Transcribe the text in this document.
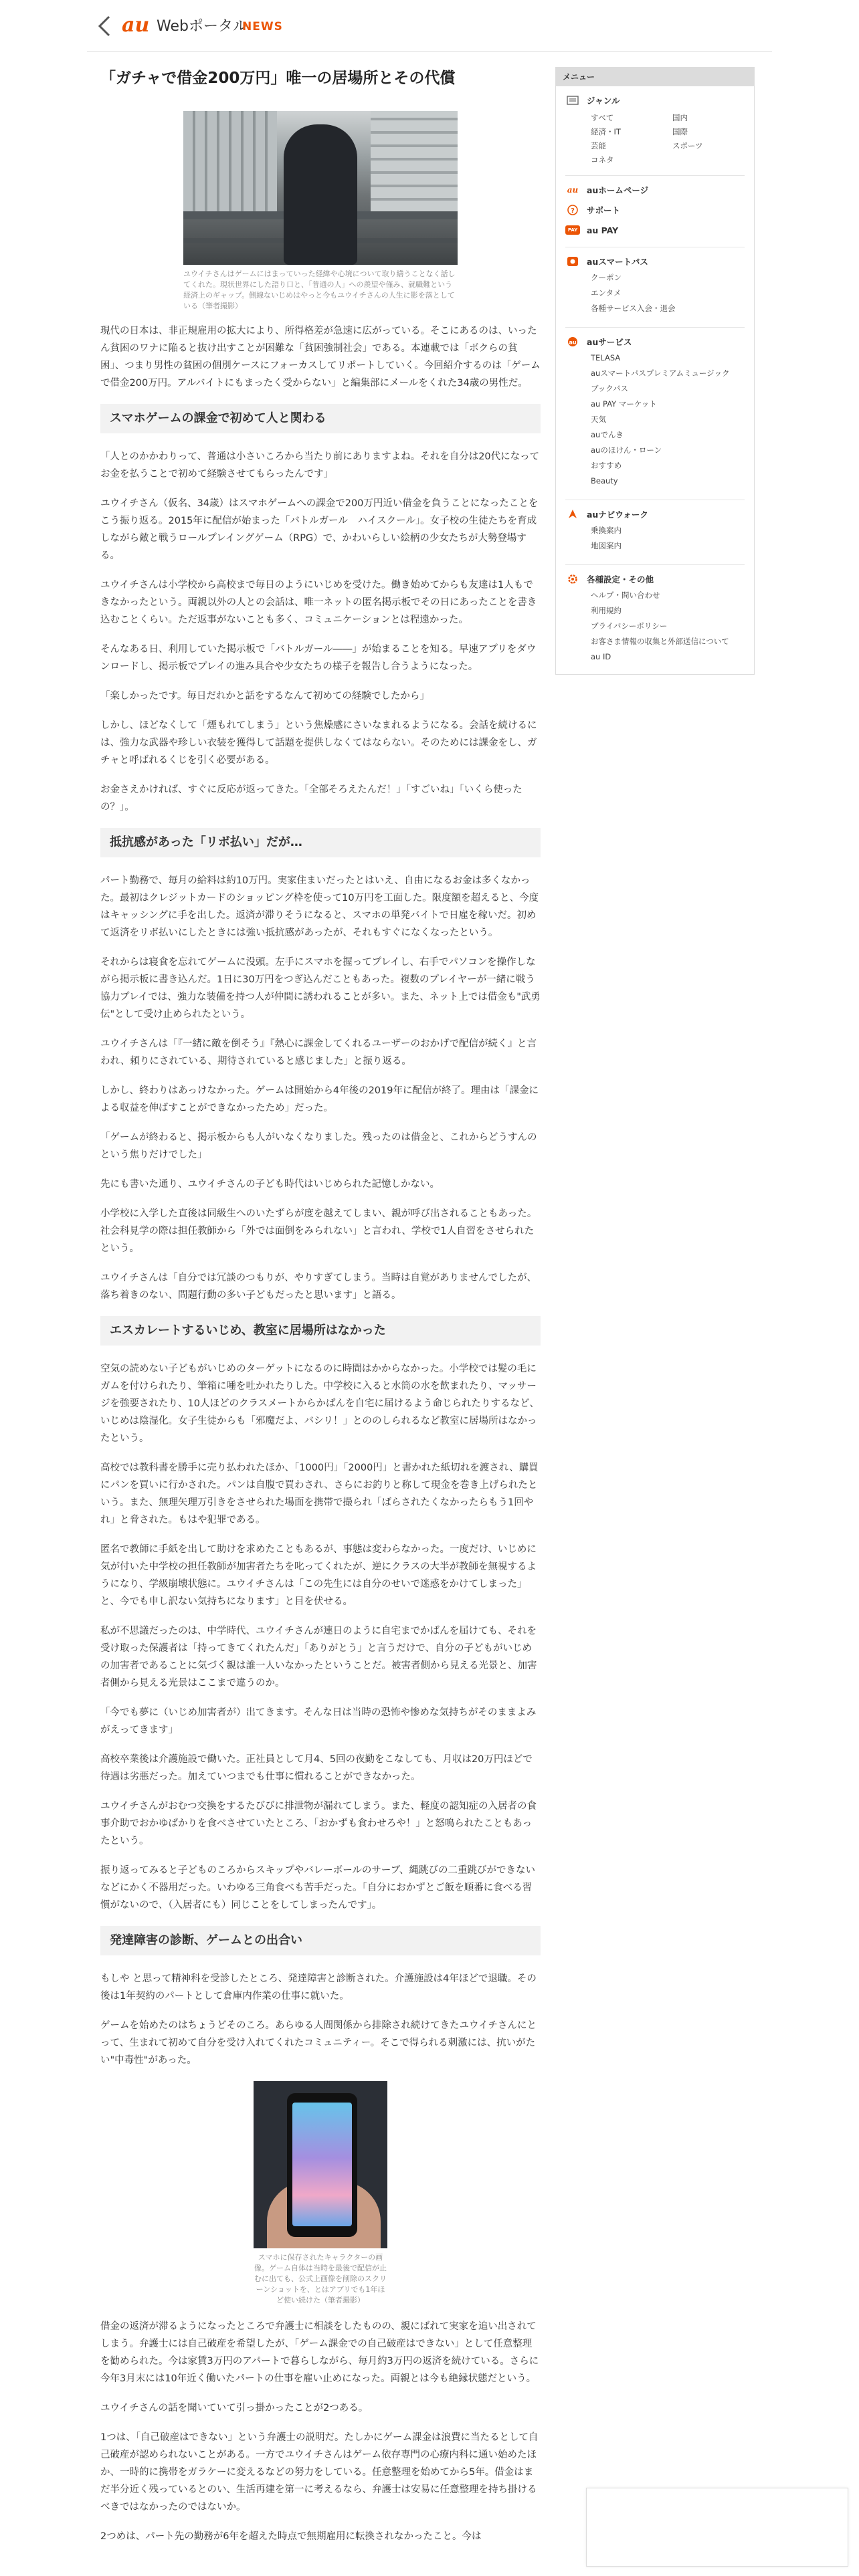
au Webポータル
NEWS
「ガチャで借金200万円」唯一の居場所とその代償
ユウイチさんはゲームにはまっていった経緯や心境について取り繕うことなく話してくれた。現状世界にした語り口と、「普通の人」への羨望や僅み、就職難という経済上のギャップ。側線ないじめはやっと今もユウイチさんの人生に影を落としている（筆者撮影）

現代の日本は、非正規雇用の拡大により、所得格差が急速に広がっている。そこにあるのは、いったん貧困のワナに陥ると抜け出すことが困難な「貧困強制社会」である。本連載では「ボクらの貧困」、つまり男性の貧困の個別ケースにフォーカスしてリポートしていく。今回紹介するのは「ゲームで借金200万円。アルバイトにもまったく受からない」と編集部にメールをくれた34歳の男性だ。

スマホゲームの課金で初めて人と関わる

「人とのかかわりって、普通は小さいころから当たり前にありますよね。それを自分は20代になってお金を払うことで初めて経験させてもらったんです」

ユウイチさん（仮名、34歳）はスマホゲームへの課金で200万円近い借金を負うことになったことをこう振り返る。2015年に配信が始まった「バトルガール　ハイスクール」。女子校の生徒たちを育成しながら敵と戦うロールプレイングゲーム（RPG）で、かわいらしい絵柄の少女たちが大勢登場する。

ユウイチさんは小学校から高校まで毎日のようにいじめを受けた。働き始めてからも友達は1人もできなかったという。両親以外の人との会話は、唯一ネットの匿名掲示板でその日にあったことを書き込むことくらい。ただ返事がないことも多く、コミュニケーションとは程遠かった。

そんなある日、利用していた掲示板で「バトルガール――」が始まることを知る。早速アプリをダウンロードし、掲示板でプレイの進み具合や少女たちの様子を報告し合うようになった。

「楽しかったです。毎日だれかと話をするなんて初めての経験でしたから」

しかし、ほどなくして「煙もれてしまう」という焦燥感にさいなまれるようになる。会話を続けるには、強力な武器や珍しい衣装を獲得して話題を提供しなくてはならない。そのためには課金をし、ガチャと呼ばれるくじを引く必要がある。

お金さえかければ、すぐに反応が返ってきた。「全部そろえたんだ！」「すごいね」「いくら使ったの？」。

抵抗感があった「リボ払い」だが…

パート勤務で、毎月の給料は約10万円。実家住まいだったとはいえ、自由になるお金は多くなかった。最初はクレジットカードのショッピング枠を使って10万円を工面した。限度額を超えると、今度はキャッシングに手を出した。返済が滞りそうになると、スマホの単発バイトで日雇を稼いだ。初めて返済をリボ払いにしたときには強い抵抗感があったが、それもすぐになくなったという。

それからは寝食を忘れてゲームに没頭。左手にスマホを握ってプレイし、右手でパソコンを操作しながら掲示板に書き込んだ。1日に30万円をつぎ込んだこともあった。複数のプレイヤーが一緒に戦う協力プレイでは、強力な装備を持つ人が仲間に誘われることが多い。また、ネット上では借金も"武勇伝"として受け止められたという。

ユウイチさんは「『一緒に敵を倒そう』『熱心に課金してくれるユーザーのおかげで配信が続く』と言われ、頼りにされている、期待されていると感じました」と振り返る。

しかし、終わりはあっけなかった。ゲームは開始から4年後の2019年に配信が終了。理由は「課金による収益を伸ばすことができなかったため」だった。

「ゲームが終わると、掲示板からも人がいなくなりました。残ったのは借金と、これからどうすんのという焦りだけでした」

先にも書いた通り、ユウイチさんの子ども時代はいじめられた記憶しかない。

小学校に入学した直後は同級生へのいたずらが度を越えてしまい、親が呼び出されることもあった。社会科見学の際は担任教師から「外では面倒をみられない」と言われ、学校で1人自習をさせられたという。

ユウイチさんは「自分では冗談のつもりが、やりすぎてしまう。当時は自覚がありませんでしたが、落ち着きのない、問題行動の多い子どもだったと思います」と語る。

エスカレートするいじめ、教室に居場所はなかった

空気の読めない子どもがいじめのターゲットになるのに時間はかからなかった。小学校では髪の毛にガムを付けられたり、筆箱に唾を吐かれたりした。中学校に入ると水筒の水を飲まれたり、マッサージを強要されたり、10人ほどのクラスメートからかばんを自宅に届けるよう命じられたりするなど、いじめは陰湿化。女子生徒からも「邪魔だよ、バシリ！」とののしられるなど教室に居場所はなかったという。

高校では教科書を勝手に売り払われたほか、「1000円」「2000円」と書かれた紙切れを渡され、購買にパンを買いに行かされた。パンは自腹で買わされ、さらにお釣りと称して現金を巻き上げられたという。また、無理矢理万引きをさせられた場面を携帯で撮られ「ばらされたくなかったらもう1回やれ」と脅された。もはや犯罪である。

匿名で教師に手紙を出して助けを求めたこともあるが、事態は変わらなかった。一度だけ、いじめに気が付いた中学校の担任教師が加害者たちを叱ってくれたが、逆にクラスの大半が教師を無視するようになり、学級崩壊状態に。ユウイチさんは「この先生には自分のせいで迷惑をかけてしまった」と、今でも申し訳ない気持ちになります」と目を伏せる。

私が不思議だったのは、中学時代、ユウイチさんが連日のように自宅までかばんを届けても、それを受け取った保護者は「持ってきてくれたんだ」「ありがとう」と言うだけで、自分の子どもがいじめの加害者であることに気づく親は誰一人いなかったということだ。被害者側から見える光景と、加害者側から見える光景はここまで違うのか。

「今でも夢に（いじめ加害者が）出てきます。そんな日は当時の恐怖や惨めな気持ちがそのままよみがえってきます」

高校卒業後は介護施設で働いた。正社員として月4、5回の夜勤をこなしても、月収は20万円ほどで待遇は劣悪だった。加えていつまでも仕事に慣れることができなかった。

ユウイチさんがおむつ交換をするたびびに排泄物が漏れてしまう。また、軽度の認知症の入居者の食事介助でおかゆばかりを食べさせていたところ、「おかずも食わせろや！」と怒鳴られたこともあったという。

振り返ってみると子どものころからスキップやバレーボールのサーブ、縄跳びの二重跳びができないなどにかく不器用だった。いわゆる三角食べも苦手だった。「自分におかずとご飯を順番に食べる習慣がないので、（入居者にも）同じことをしてしまったんです」。

発達障害の診断、ゲームとの出合い

もしや と思って精神科を受診したところ、発達障害と診断された。介護施設は4年ほどで退職。その後は1年契約のパートとして倉庫内作業の仕事に就いた。

ゲームを始めたのはちょうどそのころ。あらゆる人間関係から排除され続けてきたユウイチさんにとって、生まれて初めて自分を受け入れてくれたコミュニティー。そこで得られる刺激には、抗いがたい"中毒性"があった。

スマホに保存されたキャラクターの画像。ゲーム自体は当時を最後で配信が止むに出ても、公式上画像を削除のスクリーンショットを、とはアプリでも1年ほど使い続けた（筆者撮影）

借金の返済が滞るようになったところで弁護士に相談をしたものの、親にばれて実家を追い出されてしまう。弁護士には自己破産を希望したが、「ゲーム課金での自己破産はできない」として任意整理を勧められた。今は家賃3万円のアパートで暮らしながら、毎月約3万円の返済を続けている。さらに今年3月末には10年近く働いたパートの仕事を雇い止めになった。両親とは今も絶縁状態だという。

ユウイチさんの話を聞いていて引っ掛かったことが2つある。

1つは、「自己破産はできない」という弁護士の説明だ。たしかにゲーム課金は浪費に当たるとして自己破産が認められないことがある。一方でユウイチさんはゲーム依存専門の心療内科に通い始めたほか、一時的に携帯をガラケーに変えるなどの努力をしている。任意整理を始めてから5年。借金はまだ半分近く残っているとのい、生活再建を第一に考えるなら、弁護士は安易に任意整理を持ち掛けるべきではなかったのではないか。

2つめは、パート先の勤務が6年を超えた時点で無期雇用に転換されなかったこと。今は

メニュー
ジャンル
すべて	国内
経済・IT	国際
芸能	スポーツ
コネタ
au auホームページ
? サポート
PAY	au PAY
auスマートパス
クーポン
エンタメ
各種サービス入会・退会
au auサービス
TELASA
auスマートパスプレミアムミュージック
ブックパス
au PAY マーケット
天気
auでんき
auのほけん・ローン
おすすめ
Beauty
auナビウォーク
乗換案内
地図案内
各種設定・その他
ヘルプ・問い合わせ
利用規約
プライバシーポリシー
お客さま情報の収集と外部送信について
au ID
